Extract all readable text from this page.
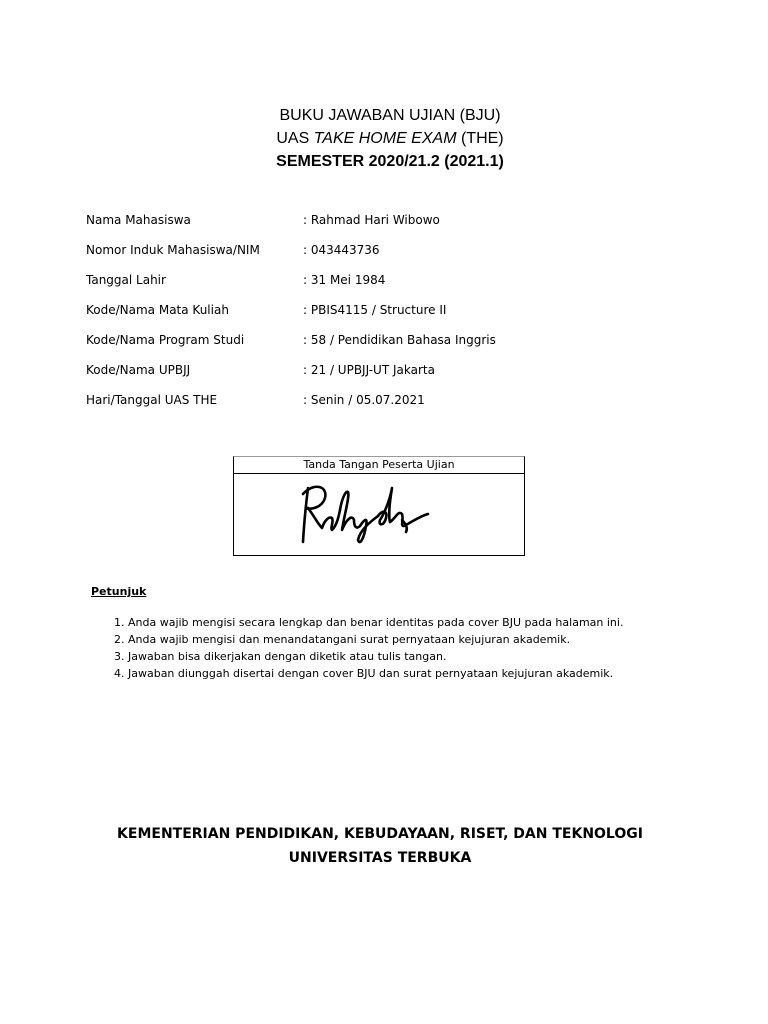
BUKU JAWABAN UJIAN (BJU)
UAS TAKE HOME EXAM (THE)
SEMESTER 2020/21.2 (2021.1)
Nama Mahasiswa	: Rahmad Hari Wibowo
Nomor Induk Mahasiswa/NIM	: 043443736
Tanggal Lahir	: 31 Mei 1984
Kode/Nama Mata Kuliah	: PBIS4115 / Structure II
Kode/Nama Program Studi	: 58 / Pendidikan Bahasa Inggris
Kode/Nama UPBJJ	: 21 / UPBJJ-UT Jakarta
Hari/Tanggal UAS THE	: Senin / 05.07.2021
Tanda Tangan Peserta Ujian
Petunjuk
1. Anda wajib mengisi secara lengkap dan benar identitas pada cover BJU pada halaman ini.
2. Anda wajib mengisi dan menandatangani surat pernyataan kejujuran akademik.
3. Jawaban bisa dikerjakan dengan diketik atau tulis tangan.
4. Jawaban diunggah disertai dengan cover BJU dan surat pernyataan kejujuran akademik.
KEMENTERIAN PENDIDIKAN, KEBUDAYAAN, RISET, DAN TEKNOLOGI
UNIVERSITAS TERBUKA
